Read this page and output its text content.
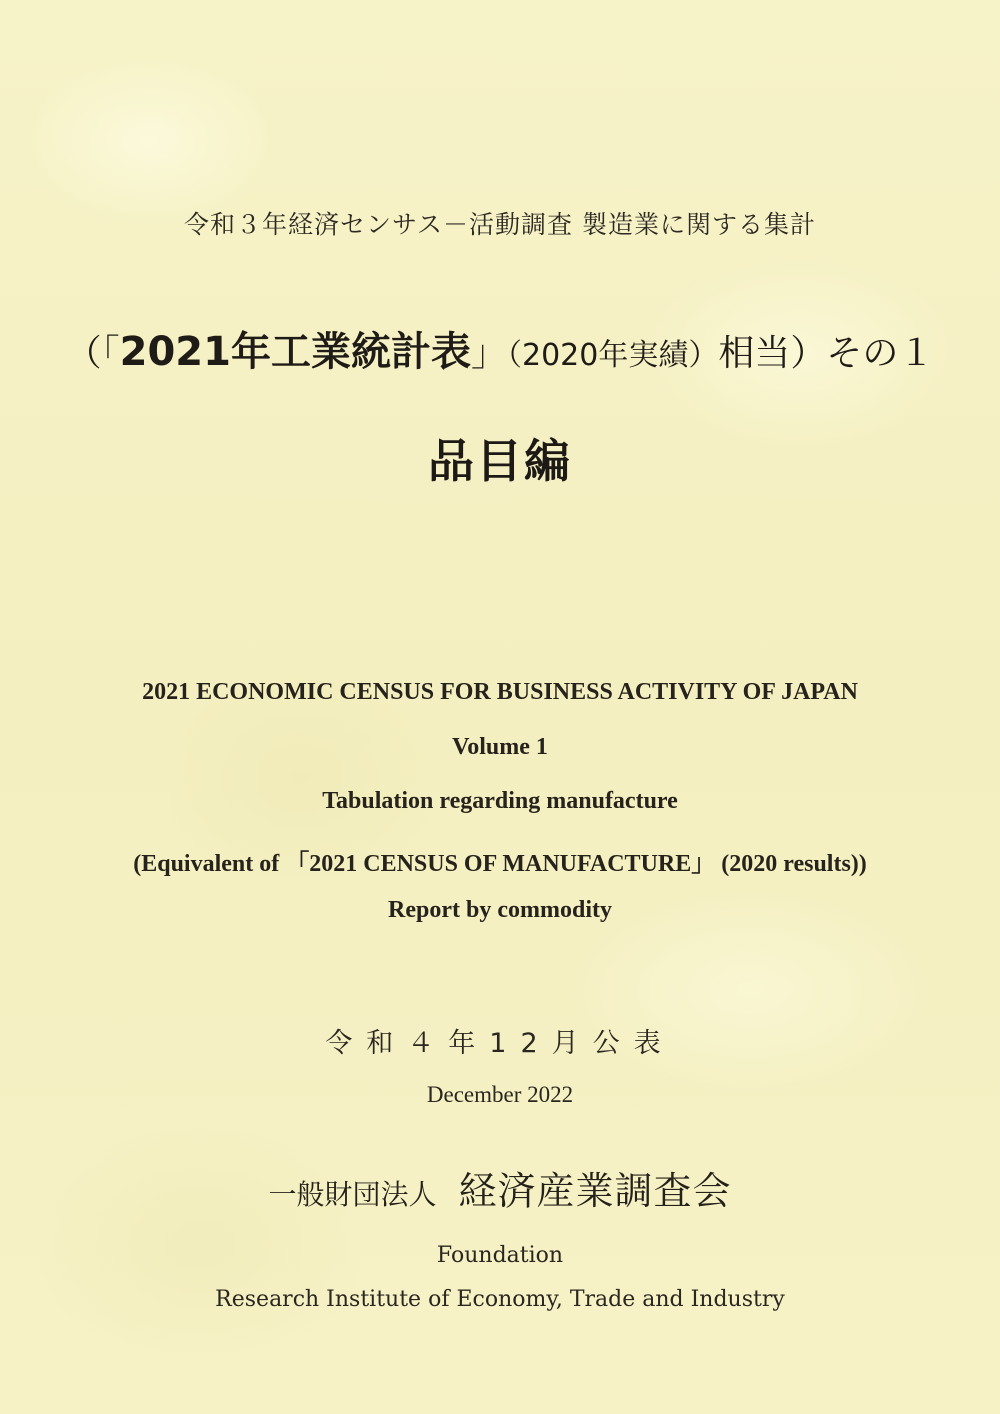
令和３年経済センサス－活動調査 製造業に関する集計
（「2021年工業統計表」（2020年実績）相当）その１
品目編
2021 ECONOMIC CENSUS FOR BUSINESS ACTIVITY OF JAPAN
Volume 1
Tabulation regarding manufacture
(Equivalent of 「2021 CENSUS OF MANUFACTURE」 (2020 results))
Report by commodity
令和４年12月公表
December 2022
一般財団法人 経済産業調査会
Foundation
Research Institute of Economy, Trade and Industry
